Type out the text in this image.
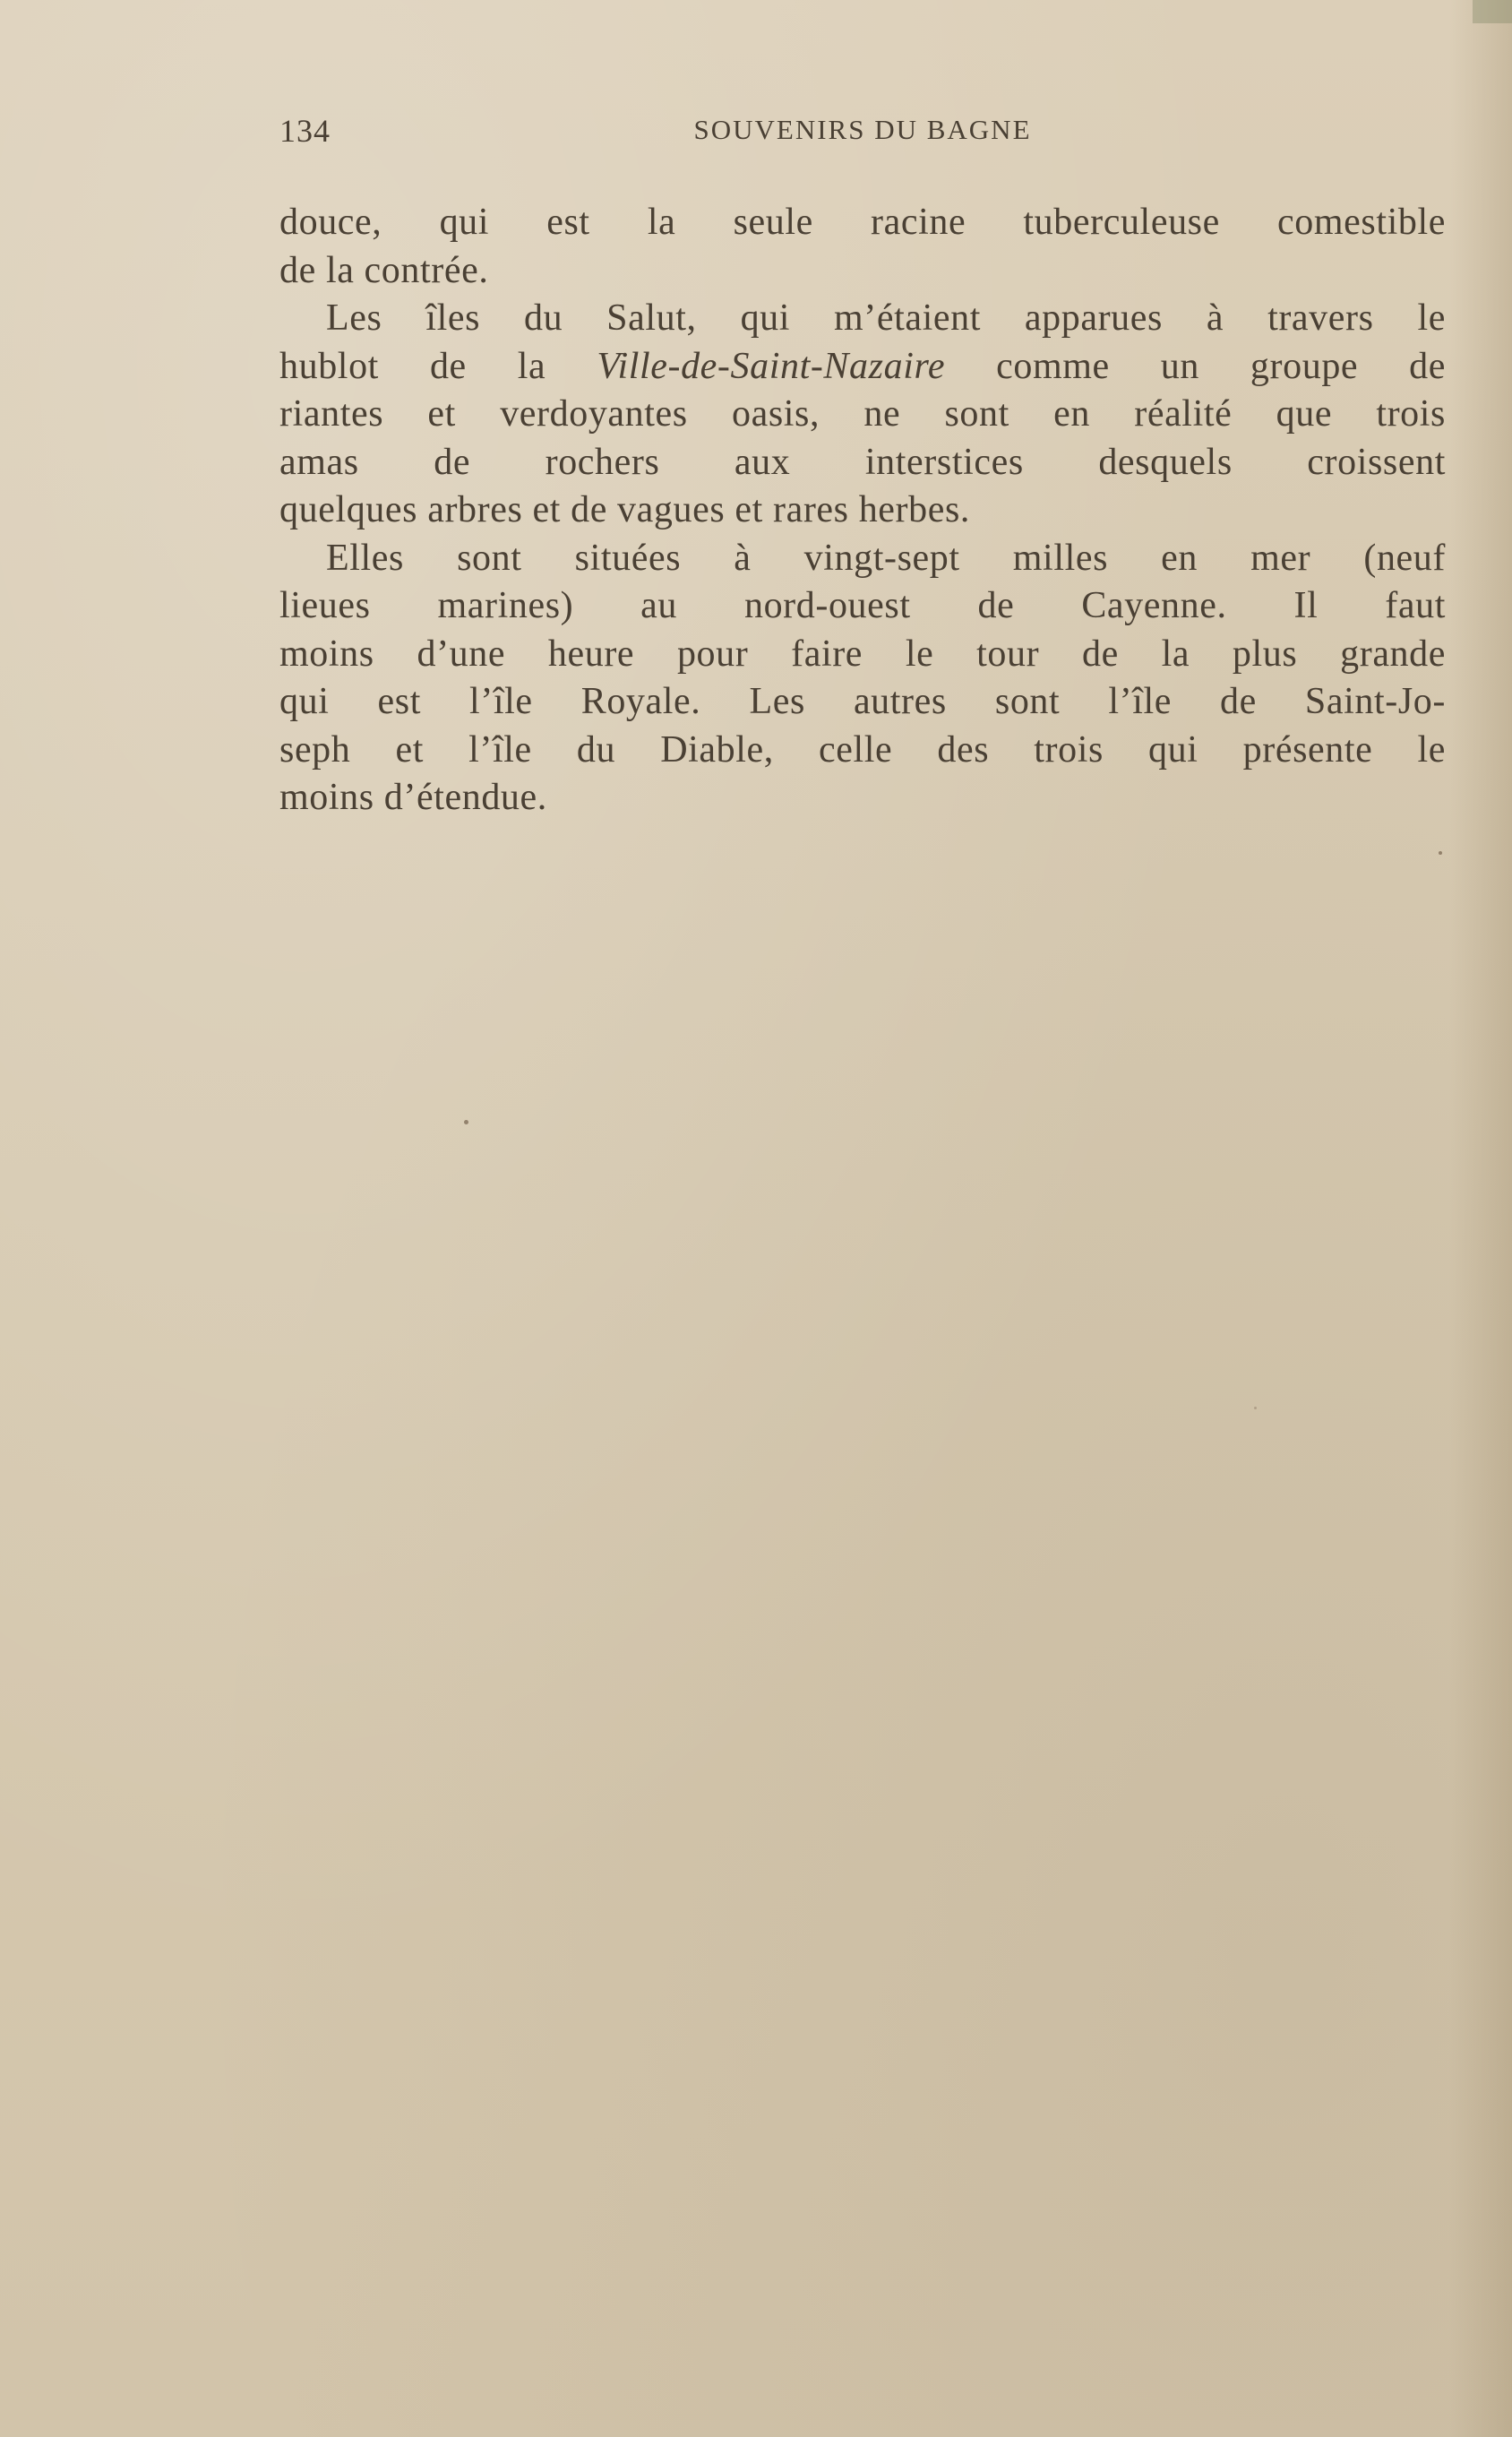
134	SOUVENIRS DU BAGNE

douce, qui est la seule racine tuberculeuse comestible
de la contrée.

Les îles du Salut, qui m’étaient apparues à travers le
hublot de la Ville-de-Saint-Nazaire comme un groupe de
riantes et verdoyantes oasis, ne sont en réalité que trois
amas de rochers aux interstices desquels croissent
quelques arbres et de vagues et rares herbes.

Elles sont situées à vingt-sept milles en mer (neuf
lieues marines) au nord-ouest de Cayenne. Il faut
moins d’une heure pour faire le tour de la plus grande
qui est l’île Royale. Les autres sont l’île de Saint-Jo-
seph et l’île du Diable, celle des trois qui présente le
moins d’étendue.
